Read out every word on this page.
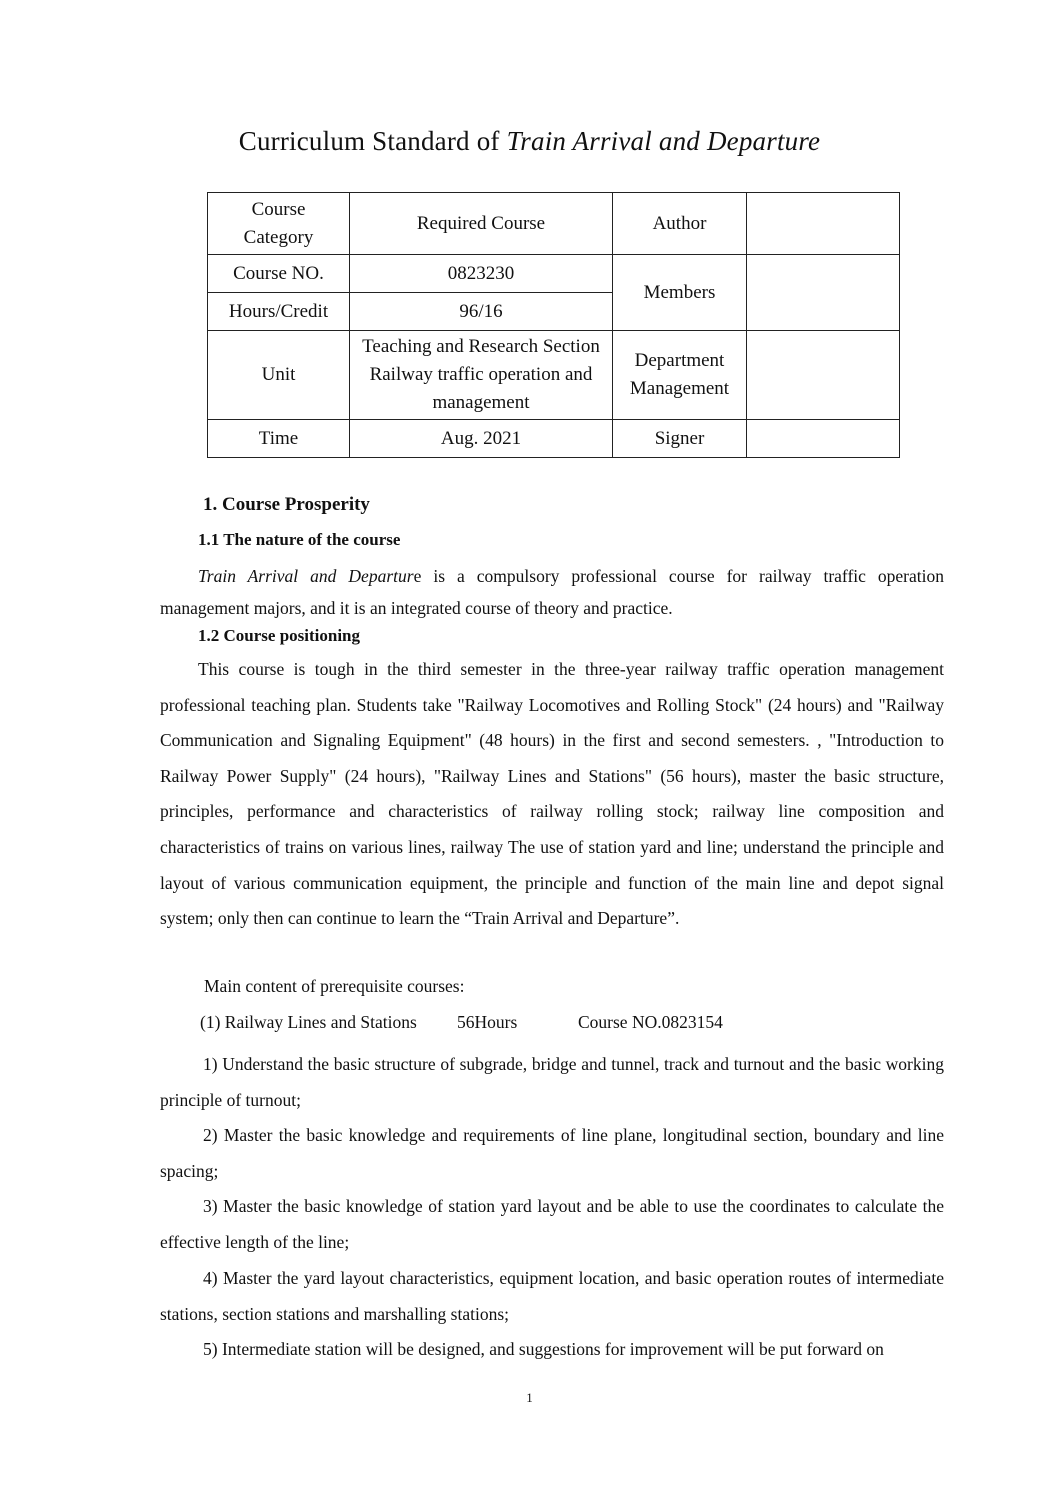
Curriculum Standard of Train Arrival and Departure
Course Category	Required Course	Author	
Course NO.	0823230	Members	
Hours/Credit	96/16		
Unit	Teaching and Research Section Railway traffic operation and management	Department Management	
Time	Aug. 2021	Signer	
1. Course Prosperity
1.1 The nature of the course
Train Arrival and Departure is a compulsory professional course for railway traffic operation management majors, and it is an integrated course of theory and practice.
1.2 Course positioning
This course is tough in the third semester in the three-year railway traffic operation management professional teaching plan. Students take "Railway Locomotives and Rolling Stock" (24 hours) and "Railway Communication and Signaling Equipment" (48 hours) in the first and second semesters. , "Introduction to Railway Power Supply" (24 hours), "Railway Lines and Stations" (56 hours), master the basic structure, principles, performance and characteristics of railway rolling stock; railway line composition and characteristics of trains on various lines, railway The use of station yard and line; understand the principle and layout of various communication equipment, the principle and function of the main line and depot signal system; only then can continue to learn the “Train Arrival and Departure”.
Main content of prerequisite courses:
(1) Railway Lines and Stations 56Hours	Course NO.0823154
1) Understand the basic structure of subgrade, bridge and tunnel, track and turnout and the basic working principle of turnout;
2) Master the basic knowledge and requirements of line plane, longitudinal section, boundary and line spacing;
3) Master the basic knowledge of station yard layout and be able to use the coordinates to calculate the effective length of the line;
4) Master the yard layout characteristics, equipment location, and basic operation routes of intermediate stations, section stations and marshalling stations;
5) Intermediate station will be designed, and suggestions for improvement will be put forward on
1
